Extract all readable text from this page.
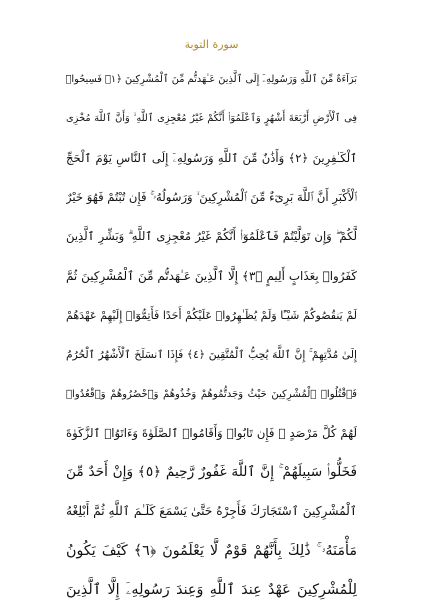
سورة التوبة
بَرَآءَةٌ مِّنَ ٱللَّهِ وَرَسُولِهِۦٓ إِلَى ٱلَّذِينَ عَـٰهَدتُّم مِّنَ ٱلْمُشْرِكِينَ ﴿١﴾ فَسِيحُوا۟
فِى ٱلْأَرْضِ أَرْبَعَةَ أَشْهُرٍ وَٱعْلَمُوٓا۟ أَنَّكُمْ غَيْرُ مُعْجِزِى ٱللَّهِ ۙ وَأَنَّ ٱللَّهَ مُخْزِى
ٱلْكَـٰفِرِينَ ﴿٢﴾ وَأَذَٰنٌ مِّنَ ٱللَّهِ وَرَسُولِهِۦٓ إِلَى ٱلنَّاسِ يَوْمَ ٱلْحَجِّ
ٱلْأَكْبَرِ أَنَّ ٱللَّهَ بَرِىٓءٌ مِّنَ ٱلْمُشْرِكِينَ ۙ وَرَسُولُهُۥ ۚ فَإِن تُبْتُمْ فَهُوَ خَيْرٌ
لَّكُمْ ۖ وَإِن تَوَلَّيْتُمْ فَٱعْلَمُوٓا۟ أَنَّكُمْ غَيْرُ مُعْجِزِى ٱللَّهِ ۗ وَبَشِّرِ ٱلَّذِينَ
كَفَرُوا۟ بِعَذَابٍ أَلِيمٍ ﴿٣﴾ إِلَّا ٱلَّذِينَ عَـٰهَدتُّم مِّنَ ٱلْمُشْرِكِينَ ثُمَّ
لَمْ يَنقُصُوكُمْ شَيْـًٔا وَلَمْ يُظَـٰهِرُوا۟ عَلَيْكُمْ أَحَدًا فَأَتِمُّوٓا۟ إِلَيْهِمْ عَهْدَهُمْ
إِلَىٰ مُدَّتِهِمْ ۚ إِنَّ ٱللَّهَ يُحِبُّ ٱلْمُتَّقِينَ ﴿٤﴾ فَإِذَا ٱنسَلَخَ ٱلْأَشْهُرُ ٱلْحُرُمُ
فَٱقْتُلُوا۟ ٱلْمُشْرِكِينَ حَيْثُ وَجَدتُّمُوهُمْ وَخُذُوهُمْ وَٱحْصُرُوهُمْ وَٱقْعُدُوا۟
لَهُمْ كُلَّ مَرْصَدٍ ۚ فَإِن تَابُوا۟ وَأَقَامُوا۟ ٱلصَّلَوٰةَ وَءَاتَوُا۟ ٱلزَّكَوٰةَ
فَخَلُّوا۟ سَبِيلَهُمْ ۚ إِنَّ ٱللَّهَ غَفُورٌ رَّحِيمٌ ﴿٥﴾ وَإِنْ أَحَدٌ مِّنَ
ٱلْمُشْرِكِينَ ٱسْتَجَارَكَ فَأَجِرْهُ حَتَّىٰ يَسْمَعَ كَلَـٰمَ ٱللَّهِ ثُمَّ أَبْلِغْهُ
مَأْمَنَهُۥ ۚ ذَٰلِكَ بِأَنَّهُمْ قَوْمٌ لَّا يَعْلَمُونَ ﴿٦﴾ كَيْفَ يَكُونُ
لِلْمُشْرِكِينَ عَهْدٌ عِندَ ٱللَّهِ وَعِندَ رَسُولِهِۦٓ إِلَّا ٱلَّذِينَ
